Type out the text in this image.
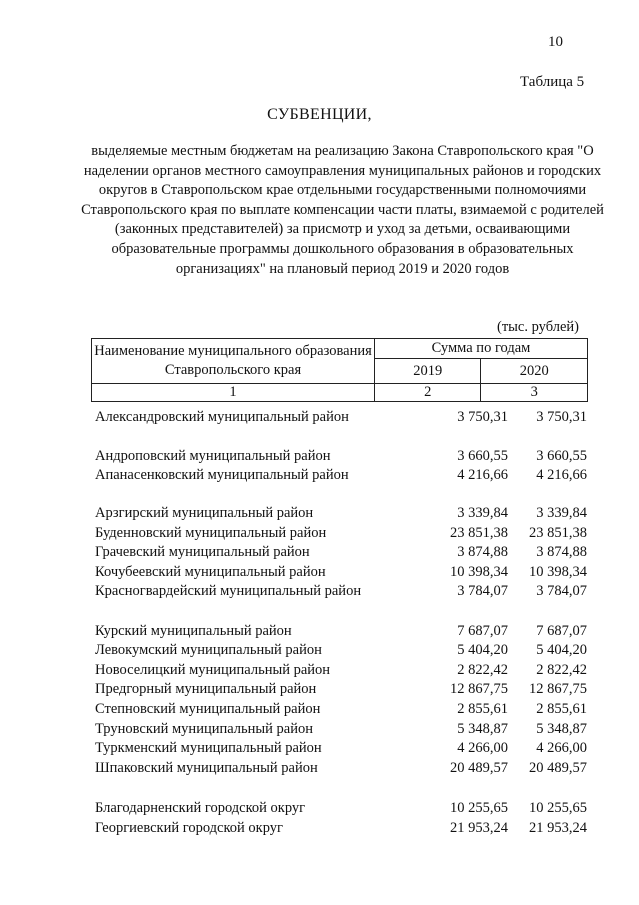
10
Таблица 5
СУБВЕНЦИИ,
выделяемые местным бюджетам на реализацию Закона Ставропольского края "О наделении органов местного самоуправления муниципальных районов и городских округов в Ставропольском крае отдельными государственными полномочиями Ставропольского края по выплате компенсации части платы, взимаемой с родителей (законных представителей) за присмотр и уход за детьми, осваивающими образовательные программы дошкольного образования в образовательных организациях" на плановый период 2019 и 2020 годов
(тыс. рублей)
Наименование муниципального образования Ставропольского края	Сумма по годам	
	2019	2020
1	2	3
Александровский муниципальный район	3 750,31 3 750,31
Андроповский муниципальный район	3 660,55 3 660,55
Апанасенковский муниципальный район	4 216,66 4 216,66
Арзгирский муниципальный район	3 339,84 3 339,84
Буденновский муниципальный район	23 851,38 23 851,38
Грачевский муниципальный район	3 874,88 3 874,88
Кочубеевский муниципальный район	10 398,34 10 398,34
Красногвардейский муниципальный район	3 784,07 3 784,07
Курский муниципальный район	7 687,07 7 687,07
Левокумский муниципальный район	5 404,20 5 404,20
Новоселицкий муниципальный район	2 822,42 2 822,42
Предгорный муниципальный район	12 867,75 12 867,75
Степновский муниципальный район	2 855,61 2 855,61
Труновский муниципальный район	5 348,87 5 348,87
Туркменский муниципальный район	4 266,00 4 266,00
Шпаковский муниципальный район	20 489,57 20 489,57
Благодарненский городской округ	10 255,65 10 255,65
Георгиевский городской округ	21 953,24 21 953,24
